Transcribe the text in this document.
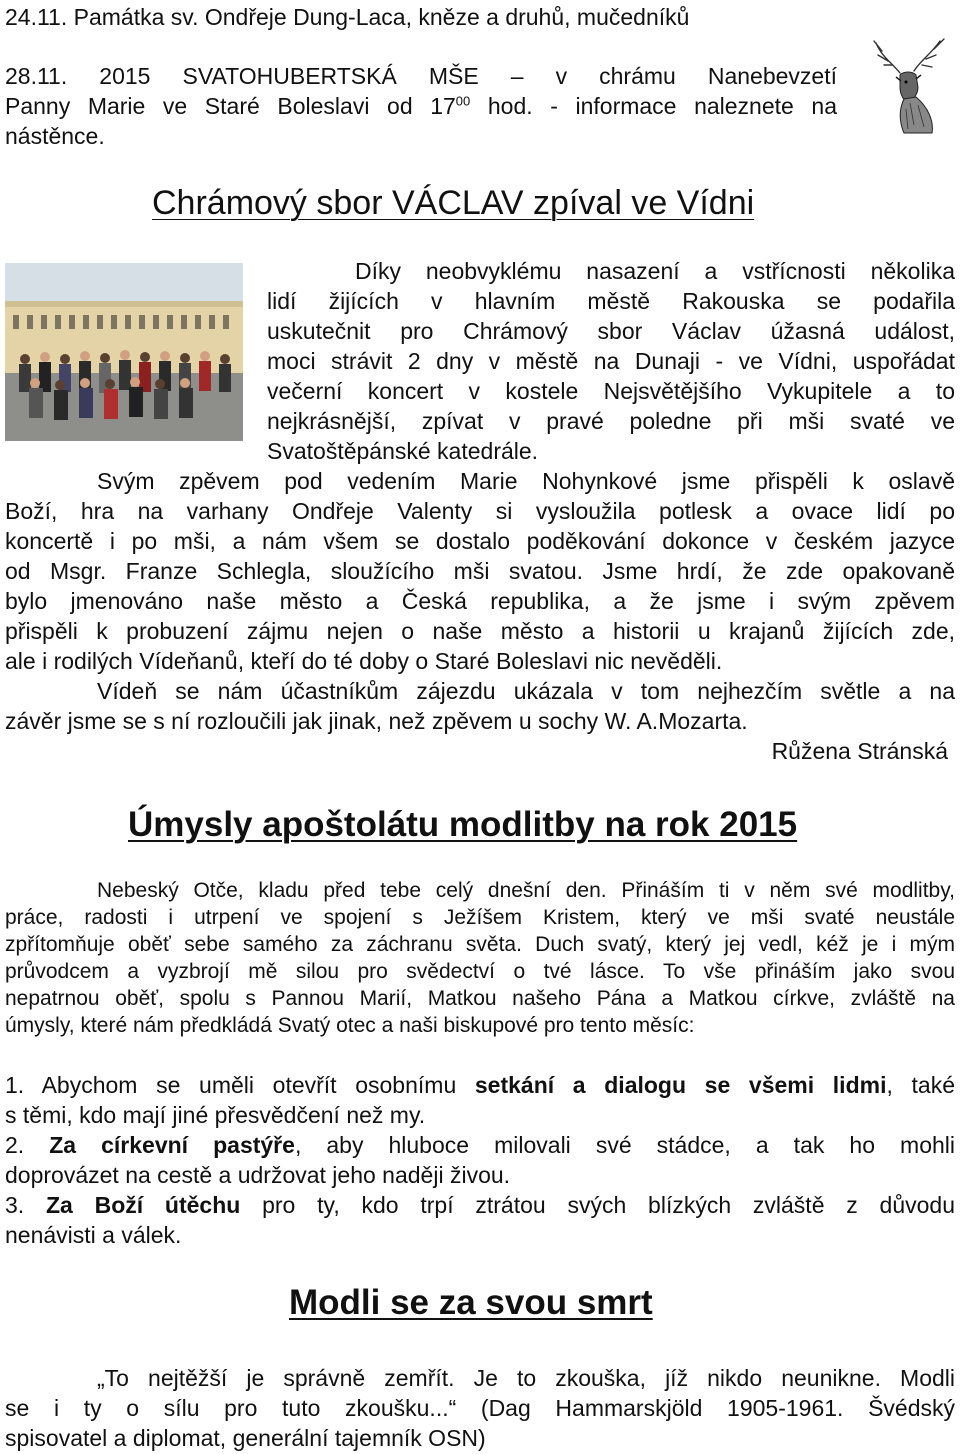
24.11. Památka sv. Ondřeje Dung-Laca, kněze a druhů, mučedníků
28.11. 2015 SVATOHUBERTSKÁ MŠE – v chrámu Nanebevzetí
Panny Marie ve Staré Boleslavi od $17^{00}$ hod. - informace naleznete na
nástěnce.
Chrámový sbor VÁCLAV zpíval ve Vídni
Díky neobvyklému nasazení a vstřícnosti několika
lidí žijících v hlavním městě Rakouska se podařila
uskutečnit pro Chrámový sbor Václav úžasná událost,
moci strávit 2 dny v městě na Dunaji - ve Vídni, uspořádat
večerní koncert v kostele Nejsvětějšího Vykupitele a to
nejkrásnější, zpívat v pravé poledne při mši svaté ve
Svatoštěpánské katedrále.
Svým zpěvem pod vedením Marie Nohynkové jsme přispěli k oslavě
Boží, hra na varhany Ondřeje Valenty si vysloužila potlesk a ovace lidí po
koncertě i po mši, a nám všem se dostalo poděkování dokonce v českém jazyce
od Msgr. Franze Schlegla, sloužícího mši svatou. Jsme hrdí, že zde opakovaně
bylo jmenováno naše město a Česká republika, a že jsme i svým zpěvem
přispěli k probuzení zájmu nejen o naše město a historii u krajanů žijících zde,
ale i rodilých Vídeňanů, kteří do té doby o Staré Boleslavi nic nevěděli.
Vídeň se nám účastníkům zájezdu ukázala v tom nejhezčím světle a na
závěr jsme se s ní rozloučili jak jinak, než zpěvem u sochy W. A.Mozarta.
Růžena Stránská
Úmysly apoštolátu modlitby na rok 2015
Nebeský Otče, kladu před tebe celý dnešní den. Přináším ti v něm své modlitby,
práce, radosti i utrpení ve spojení s Ježíšem Kristem, který ve mši svaté neustále
zpřítomňuje oběť sebe samého za záchranu světa. Duch svatý, který jej vedl, kéž je i mým
průvodcem a vyzbrojí mě silou pro svědectví o tvé lásce. To vše přináším jako svou
nepatrnou oběť, spolu s Pannou Marií, Matkou našeho Pána a Matkou církve, zvláště na
úmysly, které nám předkládá Svatý otec a naši biskupové pro tento měsíc:
1. Abychom se uměli otevřít osobnímu setkání a dialogu se všemi lidmi, také
s těmi, kdo mají jiné přesvědčení než my.
2. Za církevní pastýře, aby hluboce milovali své stádce, a tak ho mohli
doprovázet na cestě a udržovat jeho naději živou.
3. Za Boží útěchu pro ty, kdo trpí ztrátou svých blízkých zvláště z důvodu
nenávisti a válek.
Modli se za svou smrt
„To nejtěžší je správně zemřít. Je to zkouška, jíž nikdo neunikne. Modli
se i ty o sílu pro tuto zkoušku...“ (Dag Hammarskjöld 1905-1961. Švédský
spisovatel a diplomat, generální tajemník OSN)
